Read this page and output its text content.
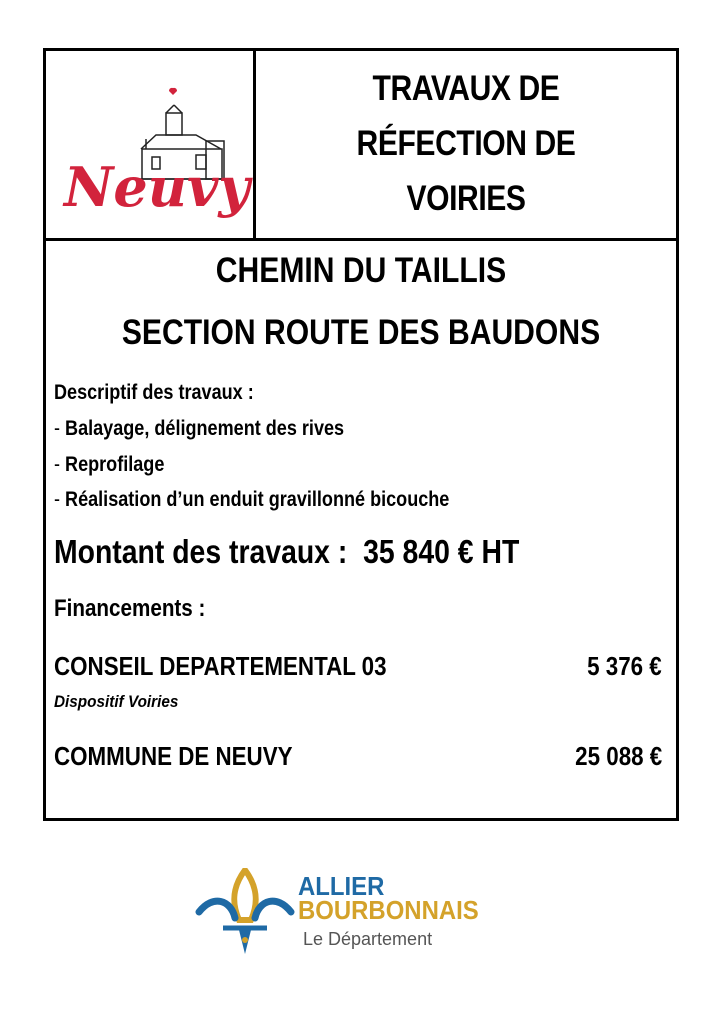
Neuvy
TRAVAUX DE
RÉFECTION DE
VOIRIES
CHEMIN DU TAILLIS
SECTION ROUTE DES BAUDONS
Descriptif des travaux :
- Balayage, délignement des rives
- Reprofilage
- Réalisation d’un enduit gravillonné bicouche
Montant des travaux : 35 840 € HT
Financements :
CONSEIL DEPARTEMENTAL 03	5 376 €
Dispositif Voiries
COMMUNE DE NEUVY	25 088 €
ALLIER
BOURBONNAIS
Le Département
